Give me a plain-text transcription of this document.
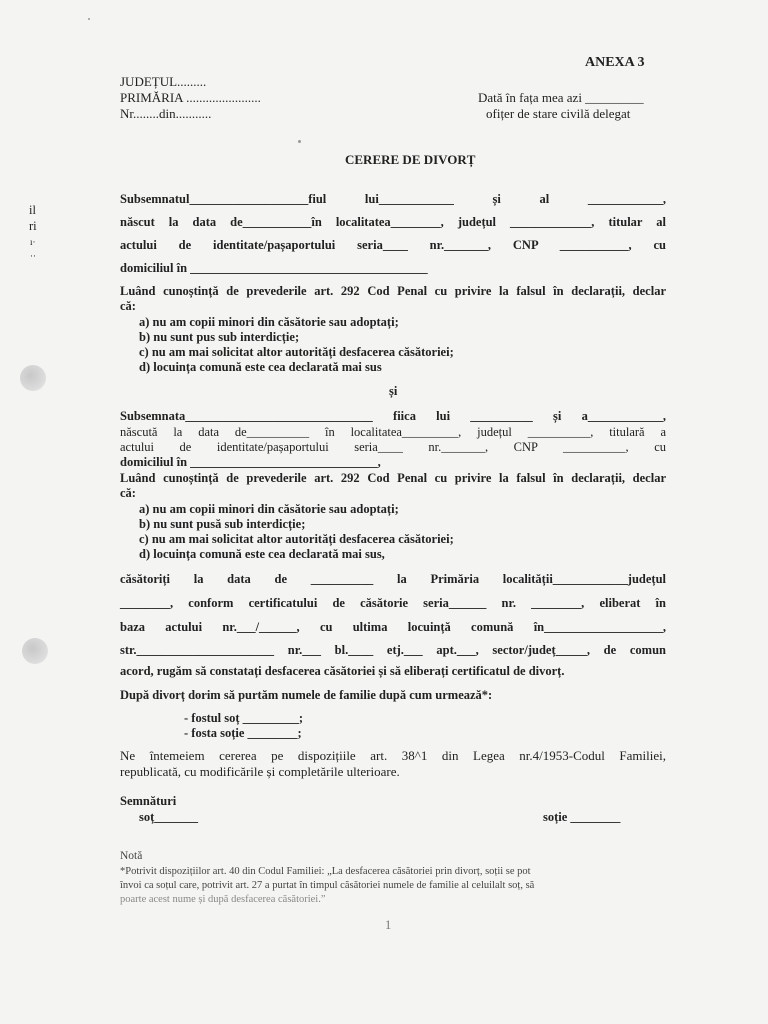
il
ri
ı·
··
ANEXA 3
JUDEȚUL.........
PRIMĂRIA .......................
Nr........din...........
Dată în fața mea azi _________
ofițer de stare civilă delegat
CERERE DE DIVORȚ
Subsemnatul___________________fiul lui____________ și al ____________,
născut la data de___________în localitatea________, județul _____________, titular al
actului de identitate/pașaportului seria____ nr._______, CNP ___________, cu
domiciliul în ______________________________________
Luând cunoștință de prevederile art. 292 Cod Penal cu privire la falsul în declarații, declar
că:
a) nu am copii minori din căsătorie sau adoptați;
b) nu sunt pus sub interdicție;
c) nu am mai solicitat altor autorități desfacerea căsătoriei;
d) locuința comună este cea declarată mai sus
și
Subsemnata______________________________ fiica lui __________ și a____________,
născută la data de__________ în localitatea_________, județul __________, titulară a
actului de identitate/pașaportului seria____ nr._______, CNP __________, cu
domiciliul în ______________________________,
Luând cunoștință de prevederile art. 292 Cod Penal cu privire la falsul în declarații, declar
că:
a) nu am copii minori din căsătorie sau adoptați;
b) nu sunt pusă sub interdicție;
c) nu am mai solicitat altor autorități desfacerea căsătoriei;
d) locuința comună este cea declarată mai sus,
căsătoriți la data de __________ la Primăria localității____________județul
________, conform certificatului de căsătorie seria______ nr. ________, eliberat în
baza actului nr.___/______, cu ultima locuință comună în___________________,
str.______________________ nr.___ bl.____ etj.___ apt.___, sector/județ_____, de comun
acord, rugăm să constatați desfacerea căsătoriei și să eliberați certificatul de divorț.
După divorț dorim să purtăm numele de familie după cum urmează*:
- fostul soț _________;
- fosta soție ________;
Ne întemeiem cererea pe dispozițiile art. 38^1 din Legea nr.4/1953-Codul Familiei,
republicată, cu modificările și completările ulterioare.
Semnături
soț_______	soție ________
Notă
*Potrivit dispozițiilor art. 40 din Codul Familiei: „La desfacerea căsătoriei prin divorț, soții se pot
învoi ca soțul care, potrivit art. 27 a purtat în timpul căsătoriei numele de familie al celuilalt soț, să
poarte acest nume și după desfacerea căsătoriei.”
1
